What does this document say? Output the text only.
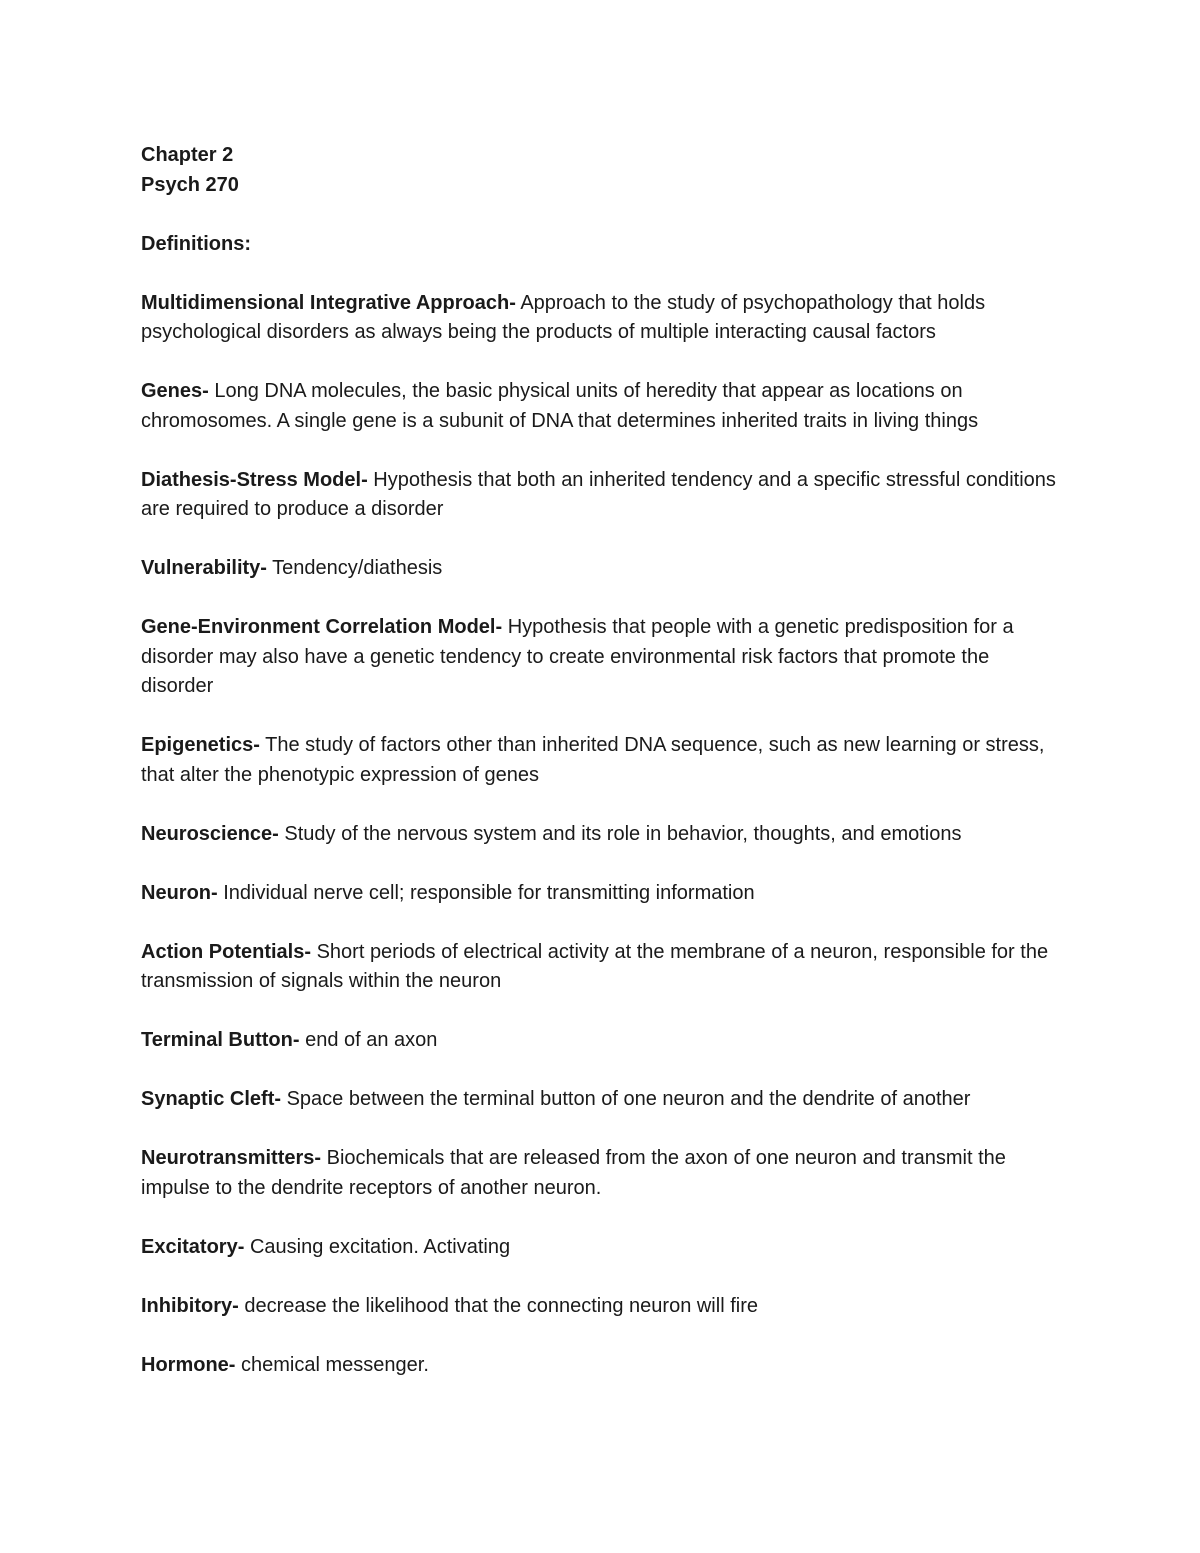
Chapter 2

Psych 270

Definitions:

Multidimensional Integrative Approach- Approach to the study of psychopathology that holds psychological disorders as always being the products of multiple interacting causal factors

Genes- Long DNA molecules, the basic physical units of heredity that appear as locations on chromosomes. A single gene is a subunit of DNA that determines inherited traits in living things

Diathesis-Stress Model- Hypothesis that both an inherited tendency and a specific stressful conditions are required to produce a disorder

Vulnerability- Tendency/diathesis

Gene-Environment Correlation Model- Hypothesis that people with a genetic predisposition for a disorder may also have a genetic tendency to create environmental risk factors that promote the disorder

Epigenetics- The study of factors other than inherited DNA sequence, such as new learning or stress, that alter the phenotypic expression of genes

Neuroscience- Study of the nervous system and its role in behavior, thoughts, and emotions

Neuron- Individual nerve cell; responsible for transmitting information

Action Potentials- Short periods of electrical activity at the membrane of a neuron, responsible for the transmission of signals within the neuron

Terminal Button- end of an axon

Synaptic Cleft- Space between the terminal button of one neuron and the dendrite of another

Neurotransmitters- Biochemicals that are released from the axon of one neuron and transmit the impulse to the dendrite receptors of another neuron.

Excitatory- Causing excitation. Activating

Inhibitory- decrease the likelihood that the connecting neuron will fire

Hormone- chemical messenger.
